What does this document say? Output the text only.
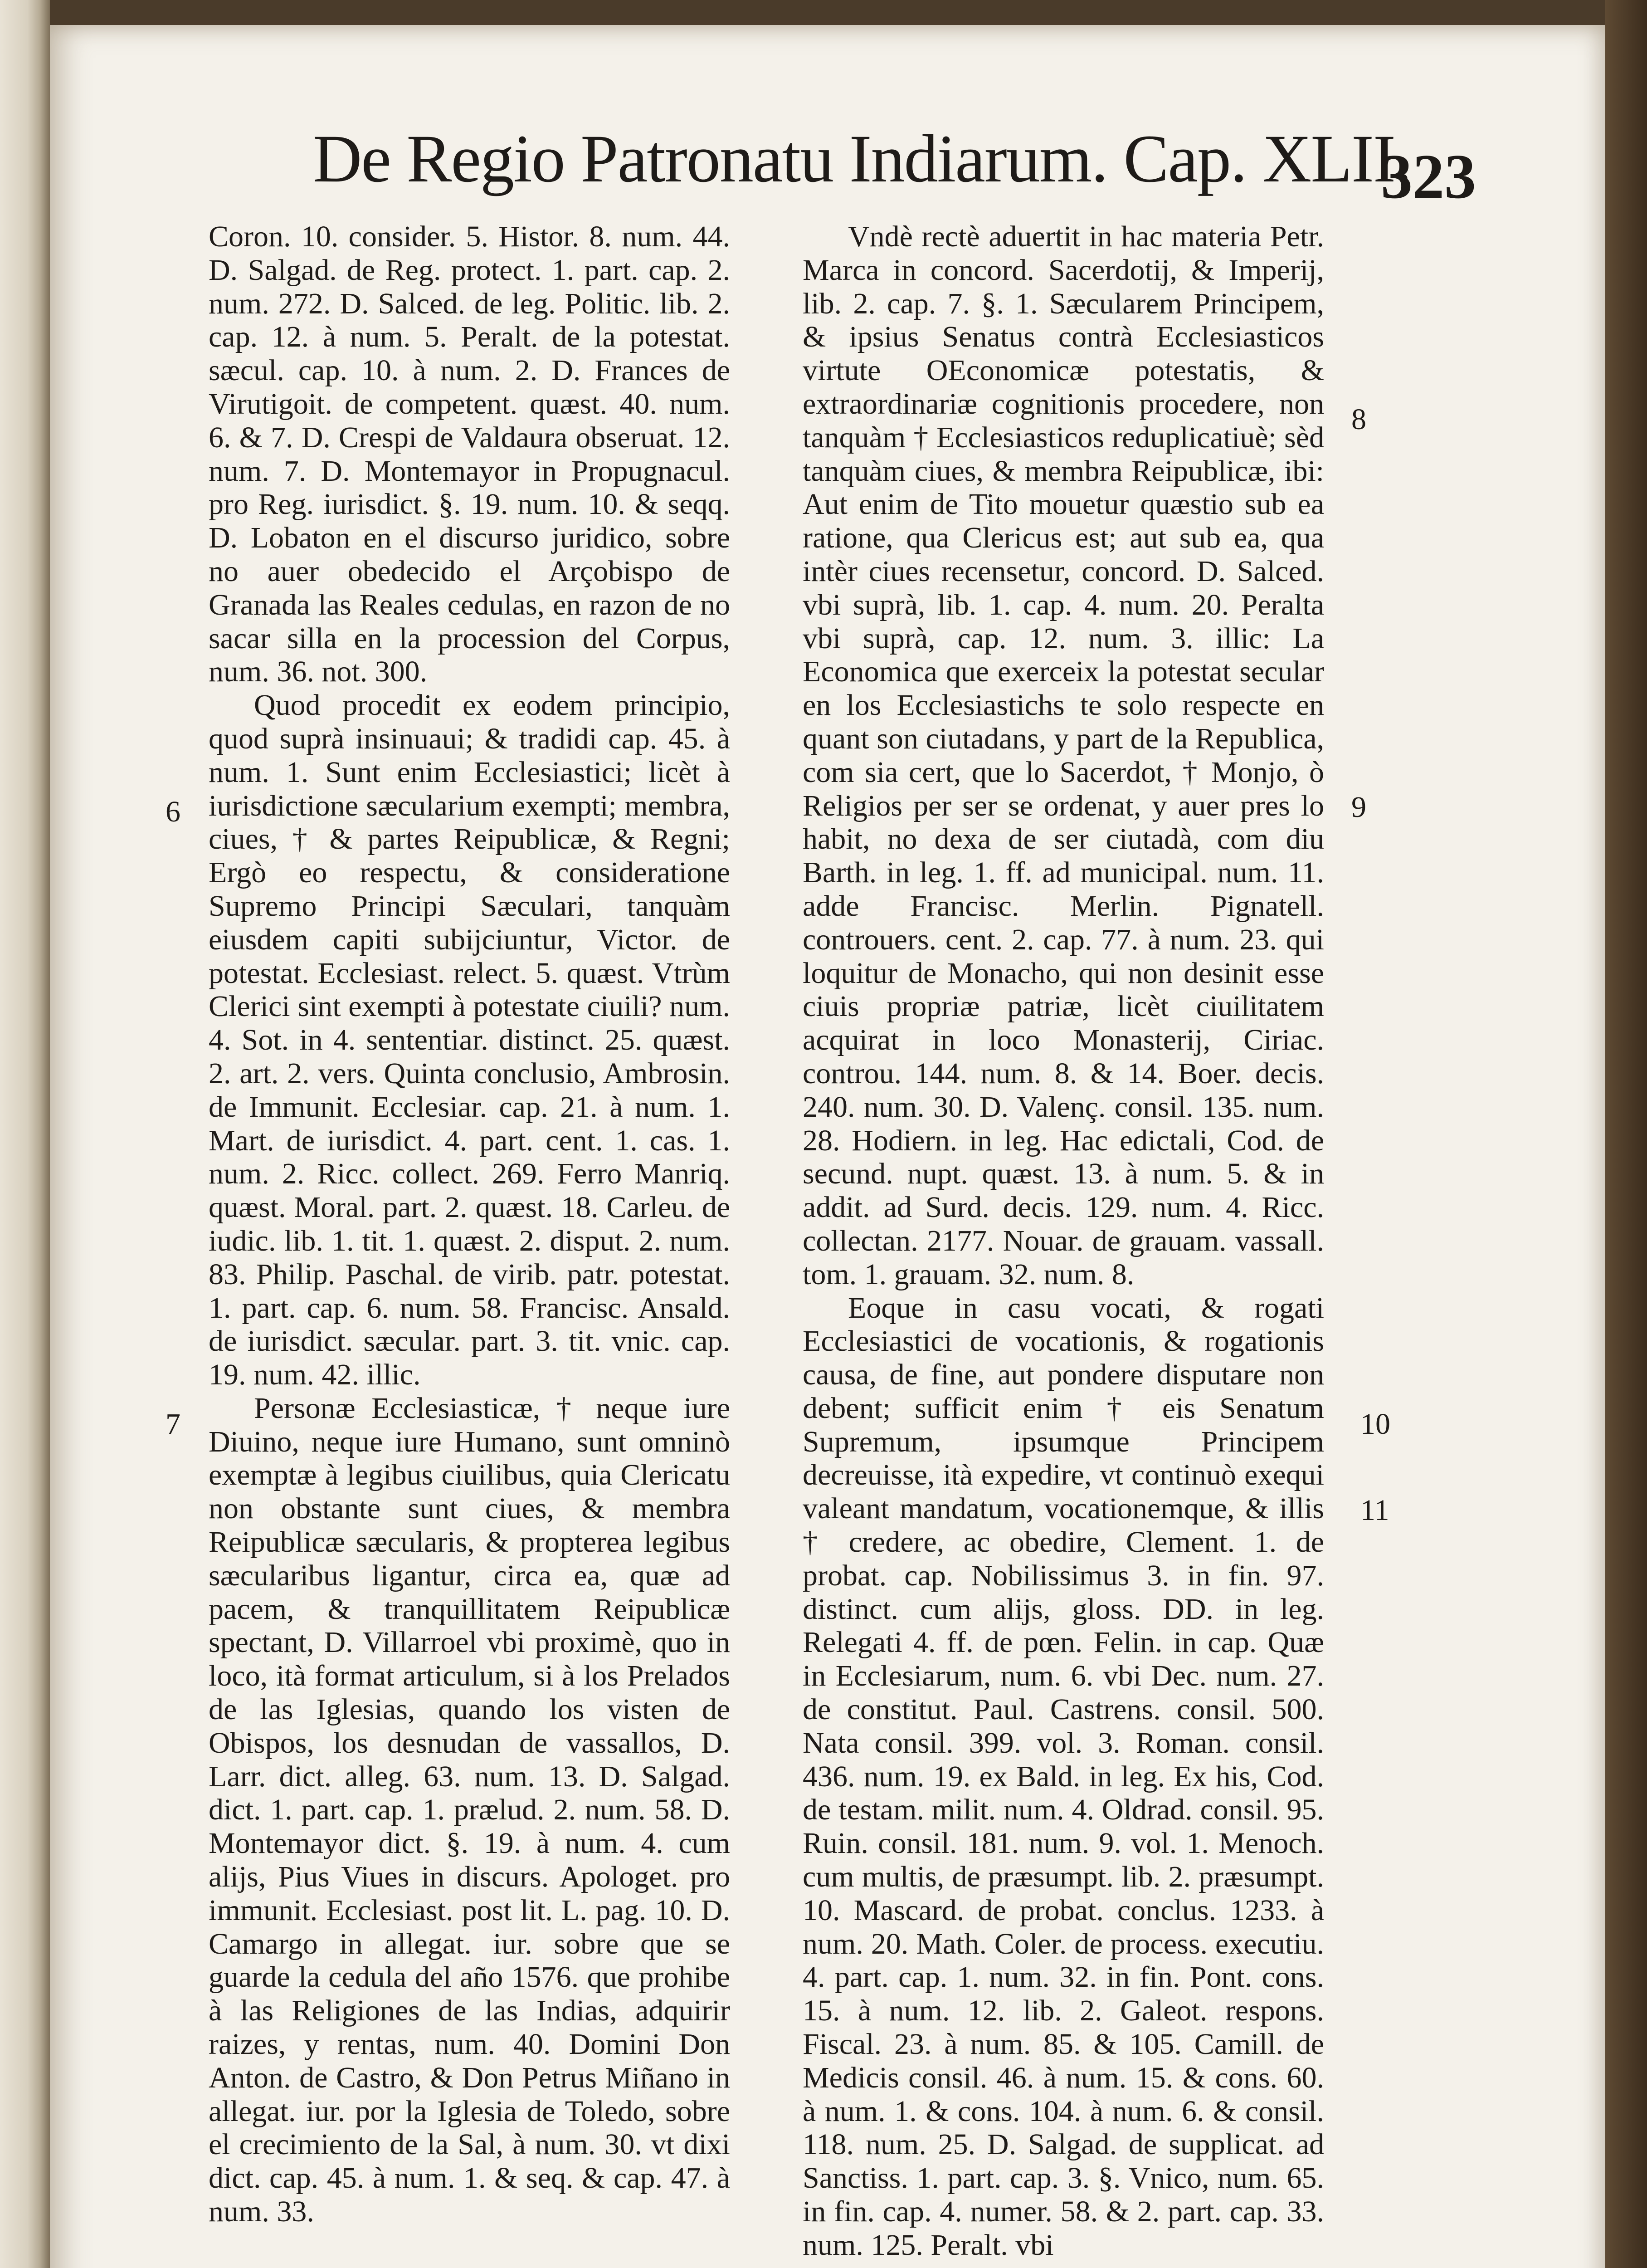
De Regio Patronatu Indiarum. Cap. XLII.
323

Coron. 10. consider. 5. Histor. 8. num. 44. D. Salgad. de Reg. protect. 1. part. cap. 2. num. 272. D. Salced. de leg. Politic. lib. 2. cap. 12. à num. 5. Peralt. de la potestat. sæcul. cap. 10. à num. 2. D. Frances de Virutigoit. de competent. quæst. 40. num. 6. & 7. D. Crespi de Valdaura obseruat. 12. num. 7. D. Montemayor in Propugnacul. pro Reg. iurisdict. §. 19. num. 10. & seqq. D. Lobaton en el discurso juridico, sobre no auer obedecido el Arçobispo de Granada las Reales cedulas, en razon de no sacar silla en la procession del Corpus, num. 36. not. 300.

Quod procedit ex eodem principio, quod suprà insinuaui; & tradidi cap. 45. à num. 1. Sunt enim Ecclesiastici; licèt à iurisdictione sæcularium exempti; membra, ciues, † & partes Reipublicæ, & Regni; Ergò eo respectu, & consideratione Supremo Principi Sæculari, tanquàm eiusdem capiti subijciuntur, Victor. de potestat. Ecclesiast. relect. 5. quæst. Vtrùm Clerici sint exempti à potestate ciuili? num. 4. Sot. in 4. sententiar. distinct. 25. quæst. 2. art. 2. vers. Quinta conclusio, Ambrosin. de Immunit. Ecclesiar. cap. 21. à num. 1. Mart. de iurisdict. 4. part. cent. 1. cas. 1. num. 2. Ricc. collect. 269. Ferro Manriq. quæst. Moral. part. 2. quæst. 18. Carleu. de iudic. lib. 1. tit. 1. quæst. 2. disput. 2. num. 83. Philip. Paschal. de virib. patr. potestat. 1. part. cap. 6. num. 58. Francisc. Ansald. de iurisdict. sæcular. part. 3. tit. vnic. cap. 19. num. 42. illic.

Personæ Ecclesiasticæ, † neque iure Diuino, neque iure Humano, sunt omninò exemptæ à legibus ciuilibus, quia Clericatu non obstante sunt ciues, & membra Reipublicæ sæcularis, & propterea legibus sæcularibus ligantur, circa ea, quæ ad pacem, & tranquillitatem Reipublicæ spectant, D. Villarroel vbi proximè, quo in loco, ità format articulum, si à los Prelados de las Iglesias, quando los visten de Obispos, los desnudan de vassallos, D. Larr. dict. alleg. 63. num. 13. D. Salgad. dict. 1. part. cap. 1. prælud. 2. num. 58. D. Montemayor dict. §. 19. à num. 4. cum alijs, Pius Viues in discurs. Apologet. pro immunit. Ecclesiast. post lit. L. pag. 10. D. Camargo in allegat. iur. sobre que se guarde la cedula del año 1576. que prohibe à las Religiones de las Indias, adquirir raizes, y rentas, num. 40. Domini Don Anton. de Castro, & Don Petrus Miñano in allegat. iur. por la Iglesia de Toledo, sobre el crecimiento de la Sal, à num. 30. vt dixi dict. cap. 45. à num. 1. & seq. & cap. 47. à num. 33.

Vndè rectè aduertit in hac materia Petr. Marca in concord. Sacerdotij, & Imperij, lib. 2. cap. 7. §. 1. Sæcularem Principem, & ipsius Senatus contrà Ecclesiasticos virtute OEconomicæ potestatis, & extraordinariæ cognitionis procedere, non tanquàm † Ecclesiasticos reduplicatiuè; sèd tanquàm ciues, & membra Reipublicæ, ibi: Aut enim de Tito mouetur quæstio sub ea ratione, qua Clericus est; aut sub ea, qua intèr ciues recensetur, concord. D. Salced. vbi suprà, lib. 1. cap. 4. num. 20. Peralta vbi suprà, cap. 12. num. 3. illic: La Economica que exerceix la potestat secular en los Ecclesiastichs te solo respecte en quant son ciutadans, y part de la Republica, com sia cert, que lo Sacerdot, † Monjo, ò Religios per ser se ordenat, y auer pres lo habit, no dexa de ser ciutadà, com diu Barth. in leg. 1. ff. ad municipal. num. 11. adde Francisc. Merlin. Pignatell. controuers. cent. 2. cap. 77. à num. 23. qui loquitur de Monacho, qui non desinit esse ciuis propriæ patriæ, licèt ciuilitatem acquirat in loco Monasterij, Ciriac. controu. 144. num. 8. & 14. Boer. decis. 240. num. 30. D. Valenç. consil. 135. num. 28. Hodiern. in leg. Hac edictali, Cod. de secund. nupt. quæst. 13. à num. 5. & in addit. ad Surd. decis. 129. num. 4. Ricc. collectan. 2177. Nouar. de grauam. vassall. tom. 1. grauam. 32. num. 8.

Eoque in casu vocati, & rogati Ecclesiastici de vocationis, & rogationis causa, de fine, aut pondere disputare non debent; sufficit enim † eis Senatum Supremum, ipsumque Principem decreuisse, ità expedire, vt continuò exequi valeant mandatum, vocationemque, & illis † credere, ac obedire, Clement. 1. de probat. cap. Nobilissimus 3. in fin. 97. distinct. cum alijs, gloss. DD. in leg. Relegati 4. ff. de pœn. Felin. in cap. Quæ in Ecclesiarum, num. 6. vbi Dec. num. 27. de constitut. Paul. Castrens. consil. 500. Nata consil. 399. vol. 3. Roman. consil. 436. num. 19. ex Bald. in leg. Ex his, Cod. de testam. milit. num. 4. Oldrad. consil. 95. Ruin. consil. 181. num. 9. vol. 1. Menoch. cum multis, de præsumpt. lib. 2. præsumpt. 10. Mascard. de probat. conclus. 1233. à num. 20. Math. Coler. de process. executiu. 4. part. cap. 1. num. 32. in fin. Pont. cons. 15. à num. 12. lib. 2. Galeot. respons. Fiscal. 23. à num. 85. & 105. Camill. de Medicis consil. 46. à num. 15. & cons. 60. à num. 1. & cons. 104. à num. 6. & consil. 118. num. 25. D. Salgad. de supplicat. ad Sanctiss. 1. part. cap. 3. §. Vnico, num. 65. in fin. cap. 4. numer. 58. & 2. part. cap. 33. num. 125. Peralt. vbi

6
7
8
9
10
11
